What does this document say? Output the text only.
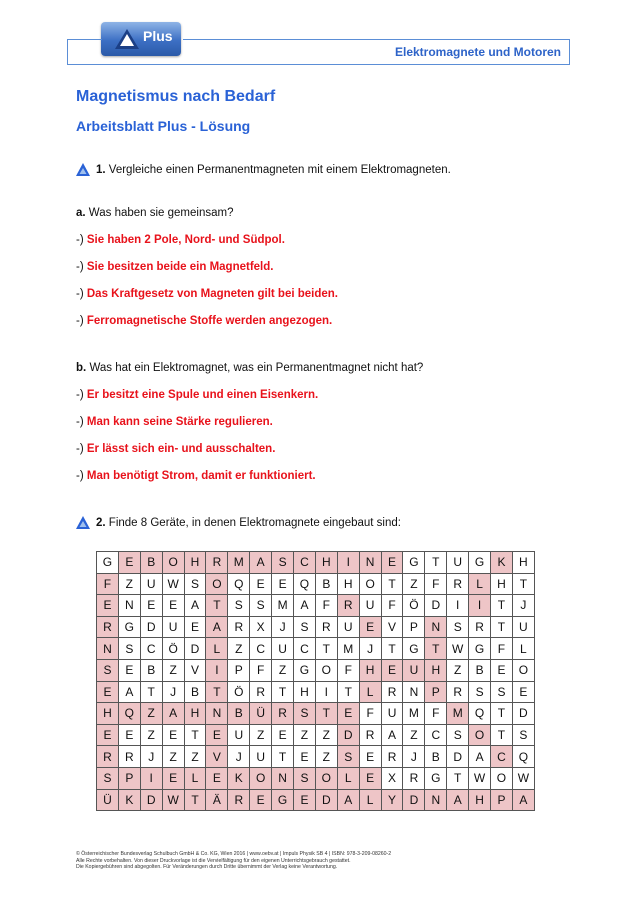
Plus
Elektromagnete und Motoren
Magnetismus nach Bedarf
Arbeitsblatt Plus - Lösung
1. Vergleiche einen Permanentmagneten mit einem Elektromagneten.
a. Was haben sie gemeinsam?
-) Sie haben 2 Pole, Nord- und Südpol.
-) Sie besitzen beide ein Magnetfeld.
-) Das Kraftgesetz von Magneten gilt bei beiden.
-) Ferromagnetische Stoffe werden angezogen.
b. Was hat ein Elektromagnet, was ein Permanentmagnet nicht hat?
-) Er besitzt eine Spule und einen Eisenkern.
-) Man kann seine Stärke regulieren.
-) Er lässt sich ein- und ausschalten.
-) Man benötigt Strom, damit er funktioniert.
2. Finde 8 Geräte, in denen Elektromagnete eingebaut sind:
G	E	B	O	H	R	M	A	S	C	H	I	N	E	G	T	U	G	K	H
F	Z	U	W	S	O	Q	E	E	Q	B	H	O	T	Z	F	R	L	H	T
E	N	E	E	A	T	S	S	M	A	F	R	U	F	Ö	D	I	I	T	J
R	G	D	U	E	A	R	X	J	S	R	U	E	V	P	N	S	R	T	U
N	S	C	Ö	D	L	Z	C	U	C	T	M	J	T	G	T	W	G	F	L
S	E	B	Z	V	I	P	F	Z	G	O	F	H	E	U	H	Z	B	E	O
E	A	T	J	B	T	Ö	R	T	H	I	T	L	R	N	P	R	S	S	E
H	Q	Z	A	H	N	B	Ü	R	S	T	E	F	U	M	F	M	Q	T	D
E	E	Z	E	T	E	U	Z	E	Z	Z	D	R	A	Z	C	S	O	T	S
R	R	J	Z	Z	V	J	U	T	E	Z	S	E	R	J	B	D	A	C	Q
S	P	I	E	L	E	K	O	N	S	O	L	E	X	R	G	T	W	O	W
Ü	K	D	W	T	Ä	R	E	G	E	D	A	L	Y	D	N	A	H	P	A
© Österreichischer Bundesverlag Schulbuch GmbH & Co. KG, Wien 2016 | www.oebv.at | Impuls Physik SB 4 | ISBN: 978-3-209-08260-2
Alle Rechte vorbehalten. Von dieser Druckvorlage ist die Vervielfältigung für den eigenen Unterrichtsgebrauch gestattet.
Die Kopiergebühren sind abgegolten. Für Veränderungen durch Dritte übernimmt der Verlag keine Verantwortung.
